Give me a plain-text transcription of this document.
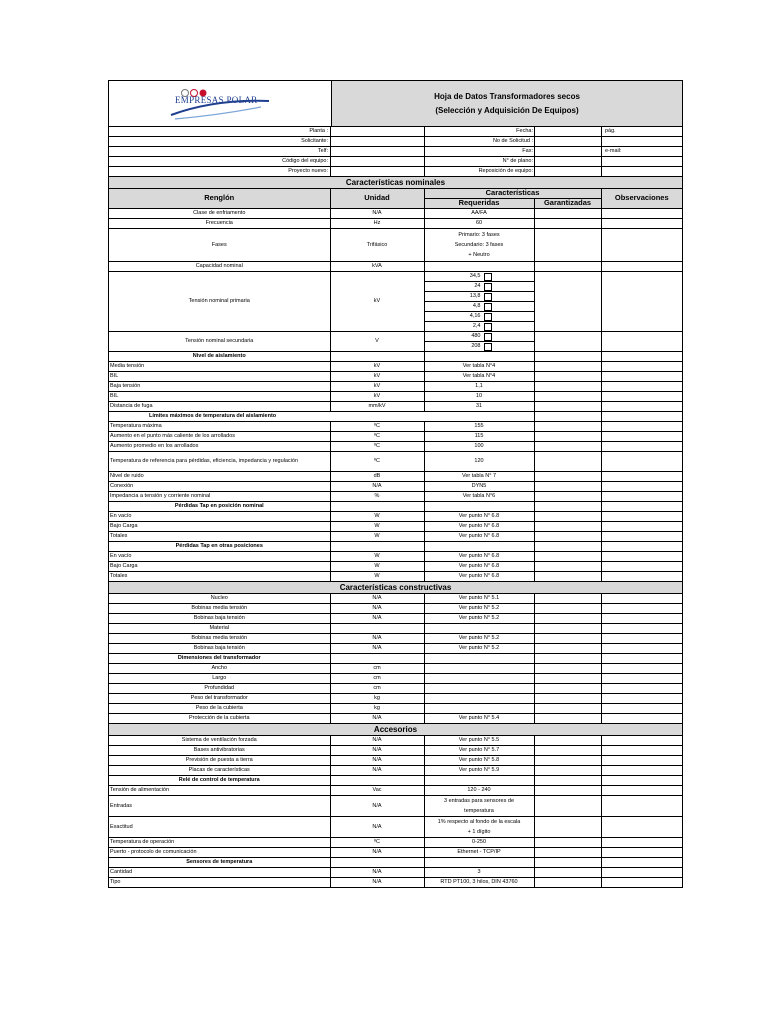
EMPRESAS POLAR	Hoja de Datos Transformadores secos
(Selección y Adquisición De Equipos)
Planta :	Fecha:	pág.
Solicitante:	No de Solicitud :
Telf:	Fax:	e-mail:
Código del equipo:	N° de plano:
Proyecto nuevo:	Reposición de equipo:
Características nominales
Renglón	Unidad	Características		Observaciones
		Requeridas	Garantizadas	
Clase de enfriamento	N/A	AA/FA		
Frecuencia	Hz	60		
Fases	Trifásico	Primario: 3 fases
Secundario: 3 fases
+ Neutro		

Capacidad nominal	kVA			
Tensión nominal primaria	kV	34,5		

		24		

		13,8		

		4,8		

		4,16		

		2,4		

Tensión nominal secundaria	V	480		

		208		

Nivel de aislamiento				
Media tensión	kV	Ver tabla N°4		
BIL	kV	Ver tabla N°4		
Baja tensión	kV	1,1		
BIL	kV	10		
Distancia de fuga	mm/kV	31		
Límites máximos de temperatura del aislamiento				
Temperatura máxima	ºC	155		
Aumento en el punto más caliente de los arrollados	ºC	115		
Aumento promedio en los arrollados	ºC	100		
Temperatura de referencia para pérdidas, eficiencia, impedancia y regulación	ºC	120		
Nivel de ruido	dB	Ver tabla N° 7		
Conexión	N/A	DYN5		
Impedancia a tensión y corriente nominal	%	Ver tabla N°6		
Pérdidas Tap en posición nominal				
En vacío	W	Ver punto N° 6.8		
Bajo Carga	W	Ver punto N° 6.8		
Totales	W	Ver punto N° 6.8		
Pérdidas Tap en otras posiciones				
En vacío	W	Ver punto N° 6.8		
Bajo Carga	W	Ver punto N° 6.8		
Totales	W	Ver punto N° 6.8		
Características constructivas
Nucleo	N/A	Ver punto N° 5.1		
Bobinas media tensión	N/A	Ver punto N° 5.2		
Bobinas baja tensión	N/A	Ver punto N° 5.2		
Material				
Bobinas media tensión	N/A	Ver punto N° 5.2		
Bobinas baja tensión	N/A	Ver punto N° 5.2		
Dimensiones del transformador				
Ancho	cm			
Largo	cm			
Profundidad	cm			
Peso del transformador	kg			
Peso de la cubierta	kg			
Protección de la cubierta	N/A	Ver punto N° 5.4		
Accesorios
Sistema de ventilación forzada	N/A	Ver punto N° 5.5		
Bases antivibratorias	N/A	Ver punto N° 5.7		
Previsión de puesta a tierra	N/A	Ver punto N° 5.8		
Placas de características	N/A	Ver punto N° 5.9		
Relé de control de temperatura				
Tensión de alimentación	Vac	120 - 240		
Entradas	N/A	3 entradas para sensores de
temperatura		

Exactitud	N/A	1% respecto al fondo de la escala
+ 1 dígito		

Temperatura de operación	ºC	0-250		
Puerto - protocolo de comunicación	N/A	Ethernet - TCP/IP		
Sensores de temperatura				
Cantidad	N/A	3		
Tipo	N/A	RTD PT100, 3 hilos, DIN 43760		
